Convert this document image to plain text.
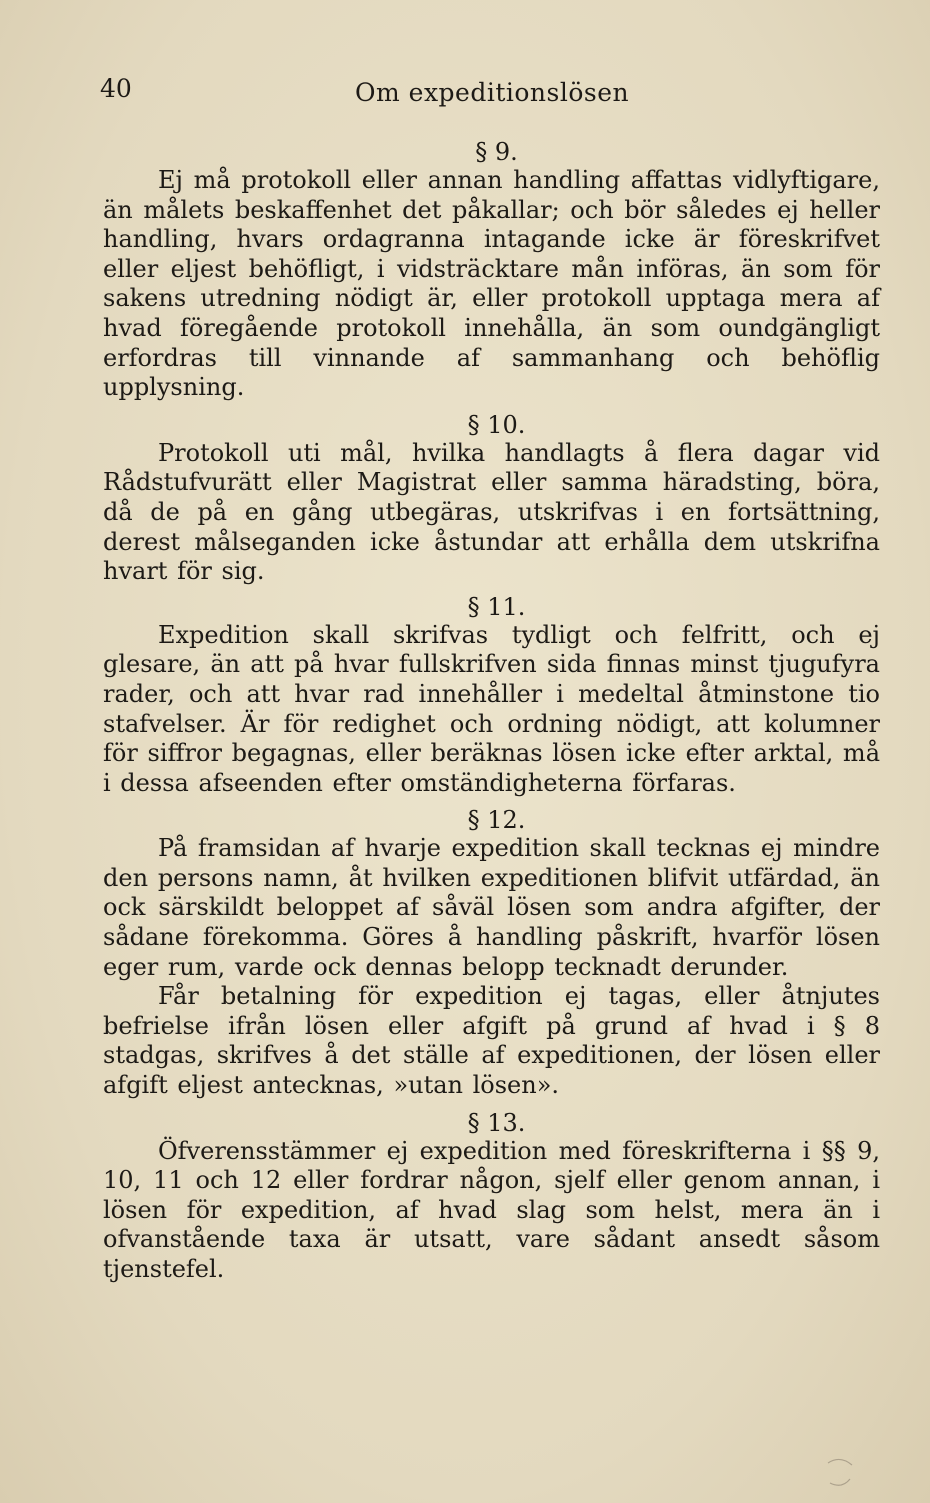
40	Om expeditionslösen
§ 9.

Ej må protokoll eller annan handling affattas vidlyftigare, än målets beskaffenhet det påkallar; och bör således ej heller handling, hvars ordagranna intagande icke är föreskrifvet eller eljest behöfligt, i vidsträcktare mån införas, än som för sakens utredning nödigt är, eller protokoll upptaga mera af hvad föregående protokoll innehålla, än som oundgängligt erfordras till vinnande af sammanhang och behöflig upplysning.

§ 10.

Protokoll uti mål, hvilka handlagts å flera dagar vid Rådstufvurätt eller Magistrat eller samma häradsting, böra, då de på en gång utbegäras, utskrifvas i en fortsättning, derest målseganden icke åstundar att erhålla dem utskrifna hvart för sig.

§ 11.

Expedition skall skrifvas tydligt och felfritt, och ej glesare, än att på hvar fullskrifven sida finnas minst tjugufyra rader, och att hvar rad innehåller i medeltal åtminstone tio stafvelser. Är för redighet och ordning nödigt, att kolumner för siffror begagnas, eller beräknas lösen icke efter arktal, må i dessa afseenden efter omständigheterna förfaras.

§ 12.

På framsidan af hvarje expedition skall tecknas ej mindre den persons namn, åt hvilken expeditionen blifvit utfärdad, än ock särskildt beloppet af såväl lösen som andra afgifter, der sådane förekomma. Göres å handling påskrift, hvarför lösen eger rum, varde ock dennas belopp tecknadt derunder.

Får betalning för expedition ej tagas, eller åtnjutes befrielse ifrån lösen eller afgift på grund af hvad i § 8 stadgas, skrifves å det ställe af expeditionen, der lösen eller afgift eljest antecknas, »utan lösen».

§ 13.

Öfverensstämmer ej expedition med föreskrifterna i §§ 9, 10, 11 och 12 eller fordrar någon, sjelf eller genom annan, i lösen för expedition, af hvad slag som helst, mera än i ofvanstående taxa är utsatt, vare sådant ansedt såsom tjenstefel.
